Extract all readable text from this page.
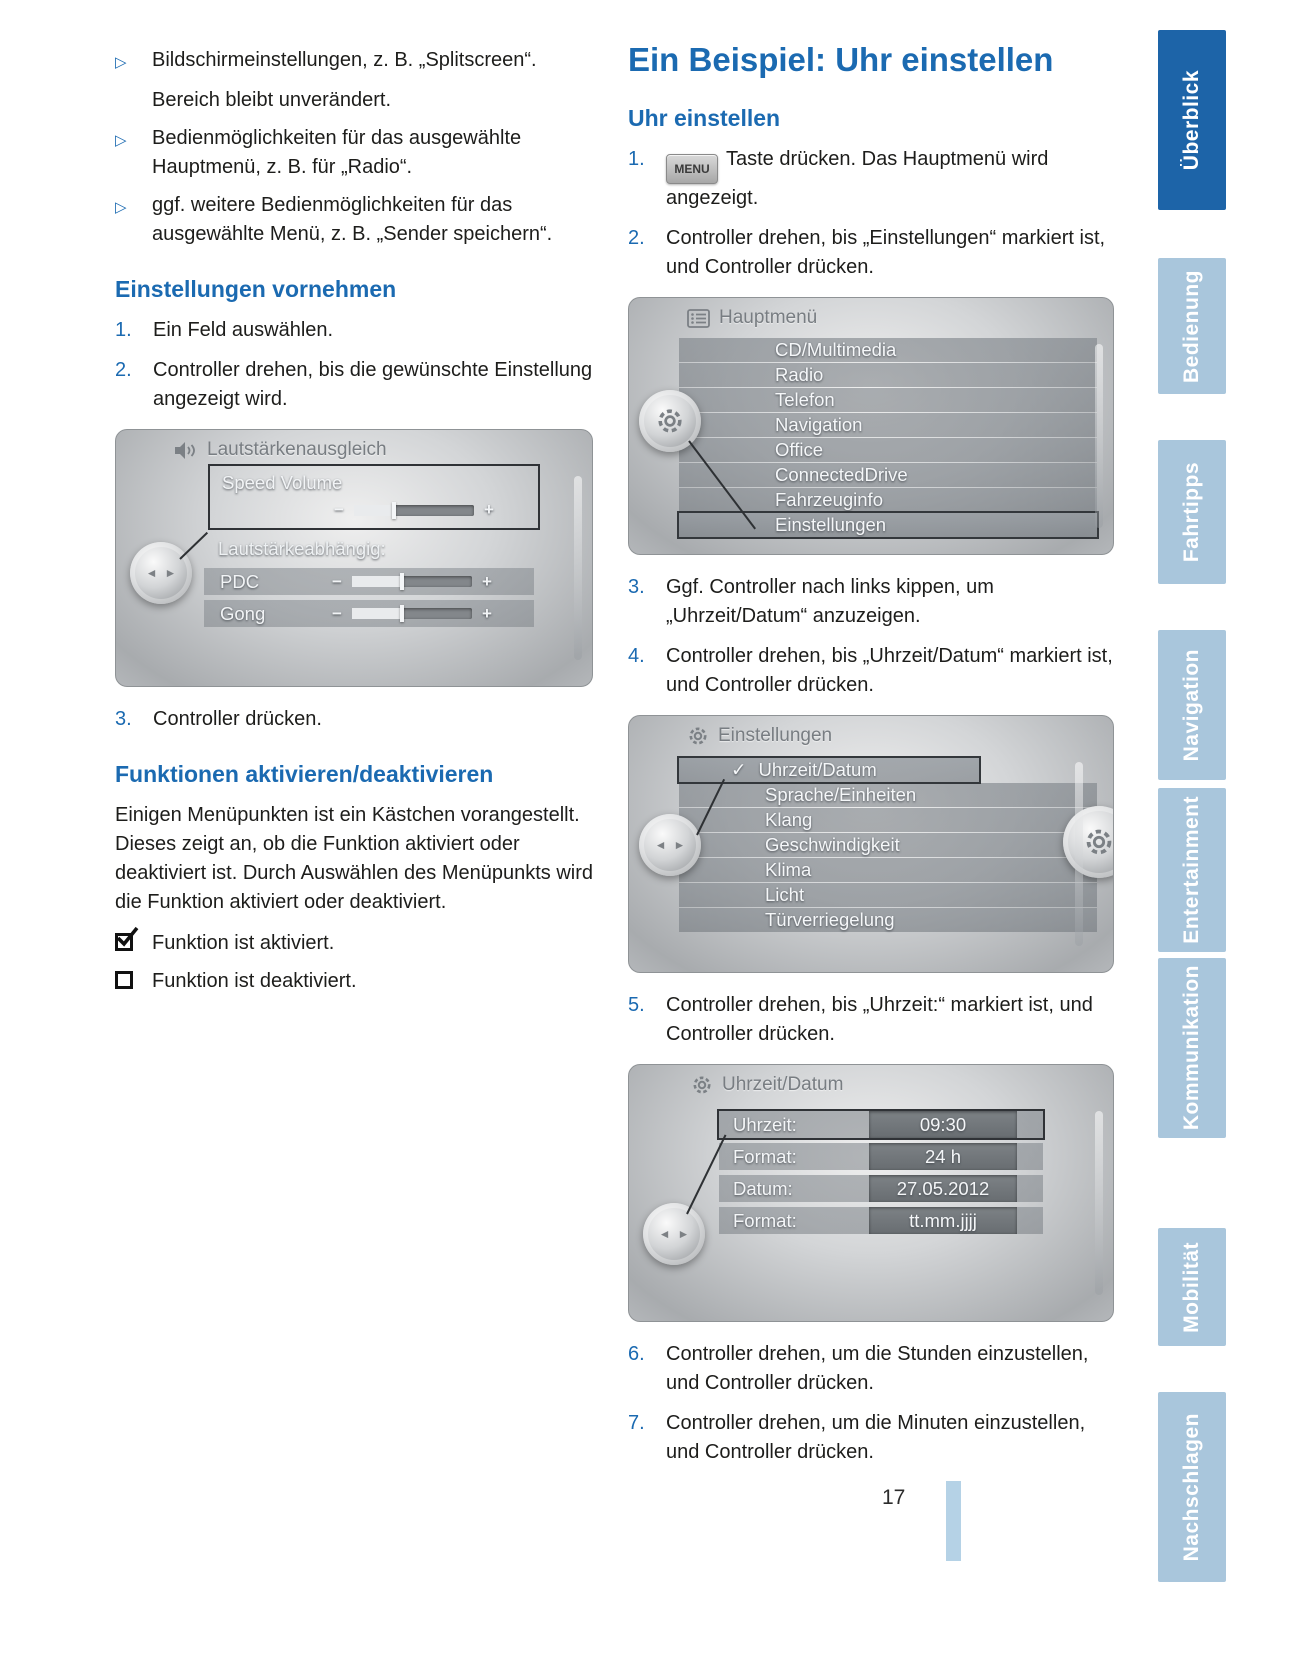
▷	Bildschirmeinstellungen, z. B. „Splitscreen“.
Bereich bleibt unverändert.
▷	Bedienmöglichkeiten für das ausgewählte Hauptmenü, z. B. für „Radio“.
▷	ggf. weitere Bedienmöglichkeiten für das ausgewählte Menü, z. B. „Sender speichern“.
Einstellungen vornehmen
1.	Ein Feld auswählen.
2.	Controller drehen, bis die gewünschte Einstellung angezeigt wird.
Lautstärkenausgleich
Speed Volume
−	+
Lautstärkeabhängig:
PDC	−	+
Gong	−	+
◄ ►
3.	Controller drücken.
Funktionen aktivieren/deaktivieren

Einigen Menüpunkten ist ein Kästchen vorangestellt. Dieses zeigt an, ob die Funktion aktiviert oder deaktiviert ist. Durch Auswählen des Menüpunkts wird die Funktion aktiviert oder deaktiviert.

Funktion ist aktiviert.
Funktion ist deaktiviert.
Ein Beispiel: Uhr einstellen
Uhr einstellen
1.	MENU Taste drücken. Das Hauptmenü wird angezeigt.
2.	Controller drehen, bis „Einstellungen“ markiert ist, und Controller drücken.
Hauptmenü
CD/Multimedia
Radio
Telefon
Navigation
Office
ConnectedDrive
Fahrzeuginfo
Einstellungen
3.	Ggf. Controller nach links kippen, um „Uhrzeit/Datum“ anzuzeigen.
4.	Controller drehen, bis „Uhrzeit/Datum“ markiert ist, und Controller drücken.
Einstellungen
✓ Uhrzeit/Datum
Sprache/Einheiten
Klang
Geschwindigkeit
Klima
Licht
Türverriegelung
◄ ►
5.	Controller drehen, bis „Uhrzeit:“ markiert ist, und Controller drücken.
Uhrzeit/Datum
Uhrzeit:	09:30
Format:	24 h
Datum:	27.05.2012
Format:	tt.mm.jjjj
◄ ►
6.	Controller drehen, um die Stunden einzustellen, und Controller drücken.
7.	Controller drehen, um die Minuten einzustellen, und Controller drücken.
Überblick
Bedienung
Fahrtipps
Navigation
Entertainment
Kommunikation
Mobilität
Nachschlagen
17
